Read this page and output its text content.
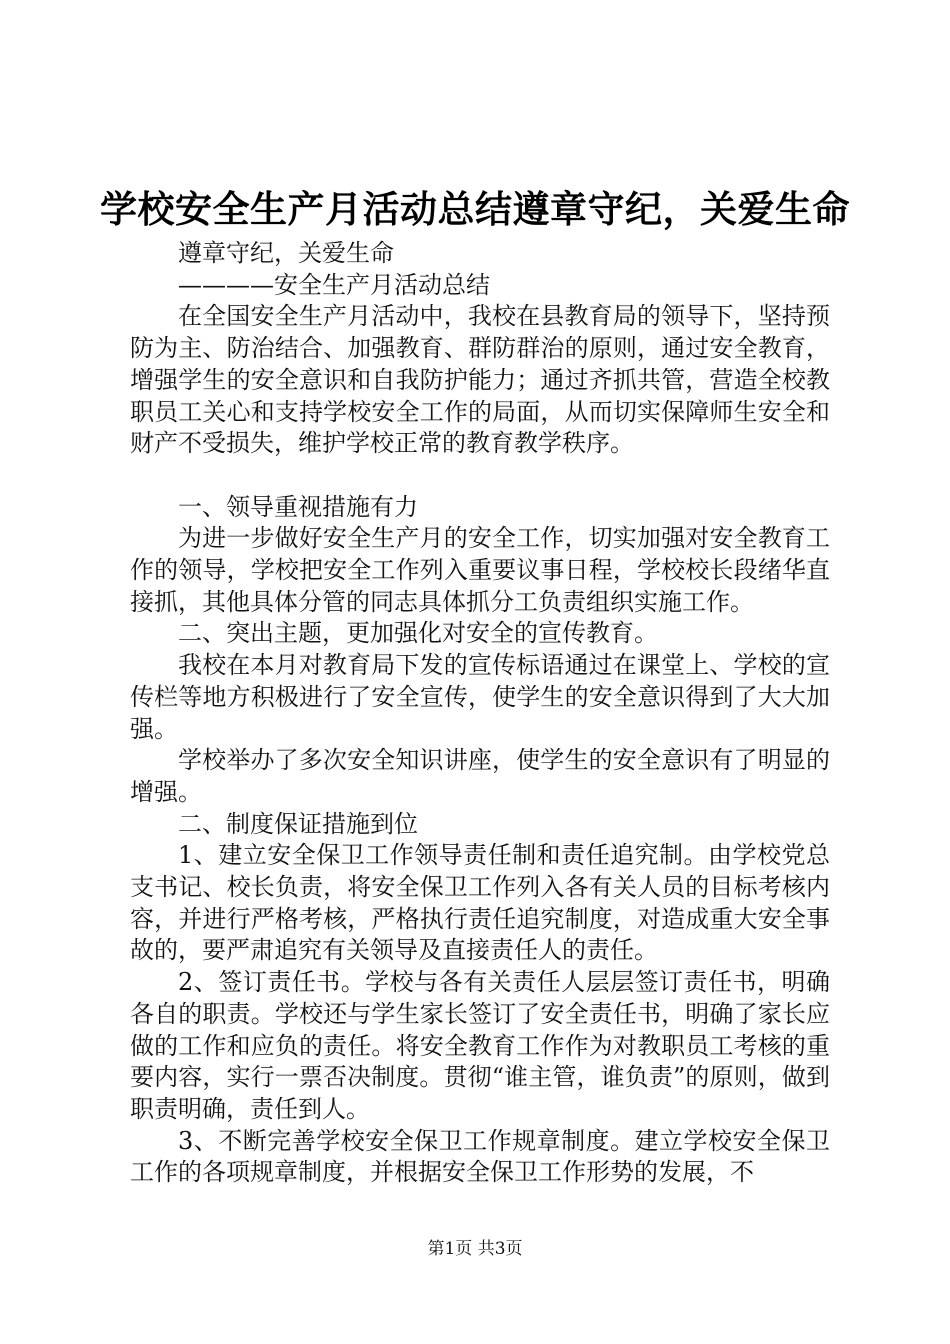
学校安全生产月活动总结遵章守纪，关爱生命

遵章守纪，关爱生命

————安全生产月活动总结

在全国安全生产月活动中，我校在县教育局的领导下，坚持预防为主、防治结合、加强教育、群防群治的原则，通过安全教育，增强学生的安全意识和自我防护能力；通过齐抓共管，营造全校教职员工关心和支持学校安全工作的局面，从而切实保障师生安全和财产不受损失，维护学校正常的教育教学秩序。

一、领导重视措施有力

为进一步做好安全生产月的安全工作，切实加强对安全教育工作的领导，学校把安全工作列入重要议事日程，学校校长段绪华直接抓，其他具体分管的同志具体抓分工负责组织实施工作。

二、突出主题，更加强化对安全的宣传教育。

我校在本月对教育局下发的宣传标语通过在课堂上、学校的宣传栏等地方积极进行了安全宣传，使学生的安全意识得到了大大加强。

学校举办了多次安全知识讲座，使学生的安全意识有了明显的增强。

二、制度保证措施到位

1、建立安全保卫工作领导责任制和责任追究制。由学校党总支书记、校长负责，将安全保卫工作列入各有关人员的目标考核内容，并进行严格考核，严格执行责任追究制度，对造成重大安全事故的，要严肃追究有关领导及直接责任人的责任。

2、签订责任书。学校与各有关责任人层层签订责任书，明确各自的职责。学校还与学生家长签订了安全责任书，明确了家长应做的工作和应负的责任。将安全教育工作作为对教职员工考核的重要内容，实行一票否决制度。贯彻“谁主管，谁负责”的原则，做到职责明确，责任到人。

3、不断完善学校安全保卫工作规章制度。建立学校安全保卫工作的各项规章制度，并根据安全保卫工作形势的发展，不

第1页 共3页
